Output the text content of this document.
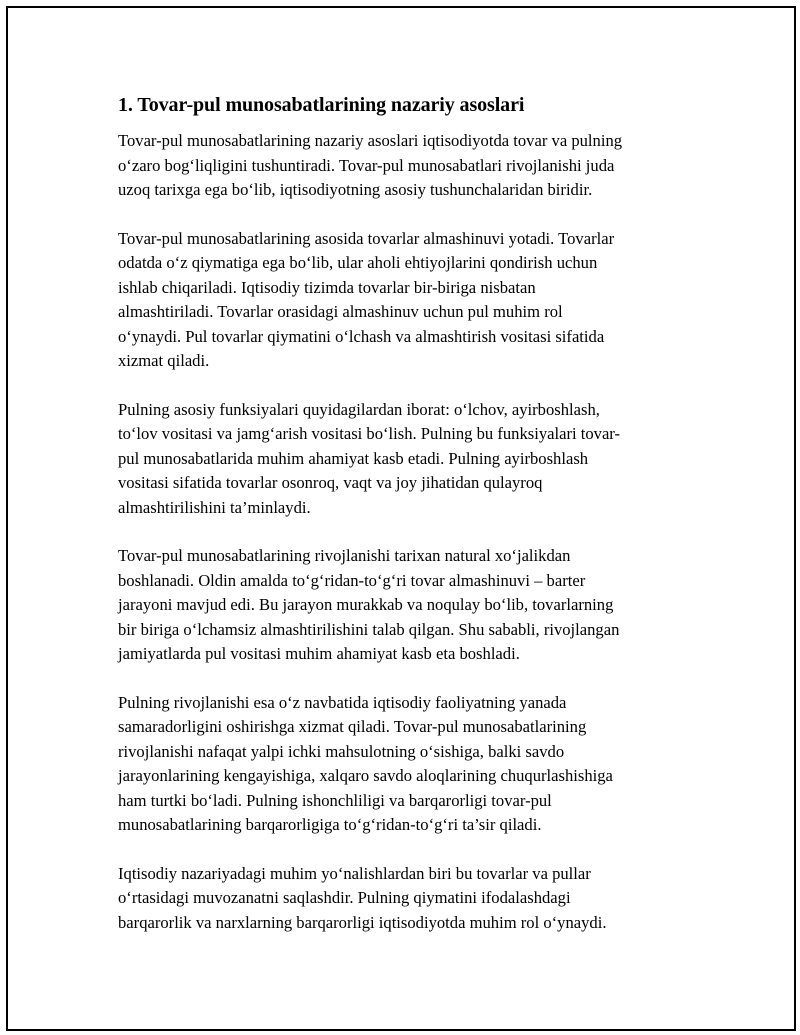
1. Tovar-pul munosabatlarining nazariy asoslari
Tovar-pul munosabatlarining nazariy asoslari iqtisodiyotda tovar va pulning
o‘zaro bog‘liqligini tushuntiradi. Tovar-pul munosabatlari rivojlanishi juda
uzoq tarixga ega bo‘lib, iqtisodiyotning asosiy tushunchalaridan biridir.
Tovar-pul munosabatlarining asosida tovarlar almashinuvi yotadi. Tovarlar
odatda o‘z qiymatiga ega bo‘lib, ular aholi ehtiyojlarini qondirish uchun
ishlab chiqariladi. Iqtisodiy tizimda tovarlar bir-biriga nisbatan
almashtiriladi. Tovarlar orasidagi almashinuv uchun pul muhim rol
o‘ynaydi. Pul tovarlar qiymatini o‘lchash va almashtirish vositasi sifatida
xizmat qiladi.
Pulning asosiy funksiyalari quyidagilardan iborat: o‘lchov, ayirboshlash,
to‘lov vositasi va jamg‘arish vositasi bo‘lish. Pulning bu funksiyalari tovar-
pul munosabatlarida muhim ahamiyat kasb etadi. Pulning ayirboshlash
vositasi sifatida tovarlar osonroq, vaqt va joy jihatidan qulayroq
almashtirilishini ta’minlaydi.
Tovar-pul munosabatlarining rivojlanishi tarixan natural xo‘jalikdan
boshlanadi. Oldin amalda to‘g‘ridan-to‘g‘ri tovar almashinuvi – barter
jarayoni mavjud edi. Bu jarayon murakkab va noqulay bo‘lib, tovarlarning
bir biriga o‘lchamsiz almashtirilishini talab qilgan. Shu sababli, rivojlangan
jamiyatlarda pul vositasi muhim ahamiyat kasb eta boshladi.
Pulning rivojlanishi esa o‘z navbatida iqtisodiy faoliyatning yanada
samaradorligini oshirishga xizmat qiladi. Tovar-pul munosabatlarining
rivojlanishi nafaqat yalpi ichki mahsulotning o‘sishiga, balki savdo
jarayonlarining kengayishiga, xalqaro savdo aloqlarining chuqurlashishiga
ham turtki bo‘ladi. Pulning ishonchliligi va barqarorligi tovar-pul
munosabatlarining barqarorligiga to‘g‘ridan-to‘g‘ri ta’sir qiladi.
Iqtisodiy nazariyadagi muhim yo‘nalishlardan biri bu tovarlar va pullar
o‘rtasidagi muvozanatni saqlashdir. Pulning qiymatini ifodalashdagi
barqarorlik va narxlarning barqarorligi iqtisodiyotda muhim rol o‘ynaydi.
